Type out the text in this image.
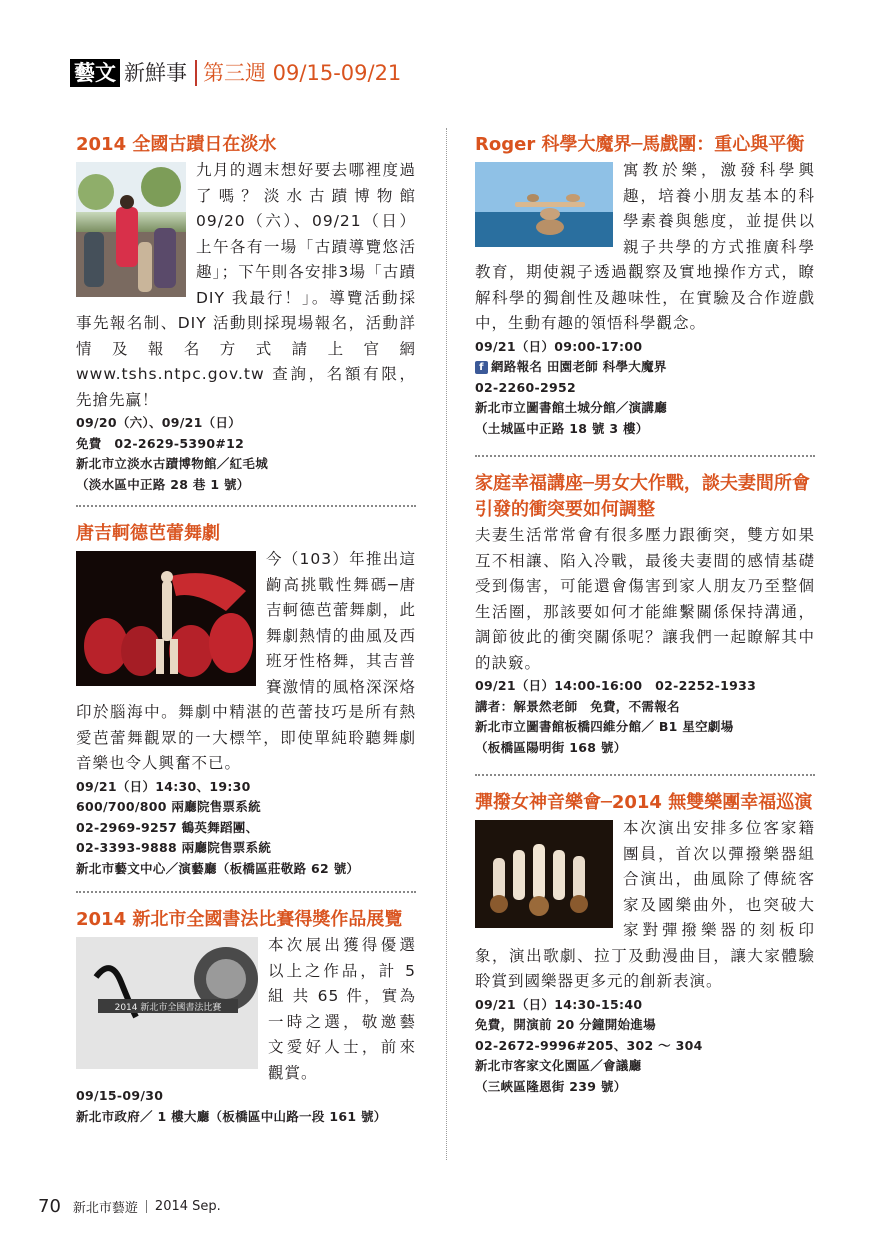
藝文 新鮮事 第三週 09/15-09/21
2014 全國古蹟日在淡水
九月的週末想好要去哪裡度過了嗎？淡水古蹟博物館 09/20（六）、09/21（日）上午各有一場「古蹟導覽悠活趣」；下午則各安排3場「古蹟 DIY 我最行！」。導覽活動採事先報名制、DIY 活動則採現場報名，活動詳情及報名方式請上官網 www.tshs.ntpc.gov.tw 查詢，名額有限，先搶先贏！
09/20（六）、09/21（日）
免費　02-2629-5390#12
新北市立淡水古蹟博物館／紅毛城
（淡水區中正路 28 巷 1 號）
唐吉軻德芭蕾舞劇
今（103）年推出這齣高挑戰性舞碼─唐吉軻德芭蕾舞劇，此舞劇熱情的曲風及西班牙性格舞，其吉普賽激情的風格深深烙印於腦海中。舞劇中精湛的芭蕾技巧是所有熱愛芭蕾舞觀眾的一大標竿，即使單純聆聽舞劇音樂也令人興奮不已。
09/21（日）14:30、19:30
600/700/800 兩廳院售票系統
02-2969-9257 鶴英舞蹈團、
02-3393-9888 兩廳院售票系統
新北市藝文中心／演藝廳（板橋區莊敬路 62 號）
2014 新北市全國書法比賽得獎作品展覽
2014 新北市全國書法比賽
本次展出獲得優選以上之作品，計 5 組 共 65 件，實為一時之選，敬邀藝文愛好人士，前來觀賞。
09/15-09/30
新北市政府／ 1 樓大廳（板橋區中山路一段 161 號）
Roger 科學大魔界─馬戲團：重心與平衡
寓教於樂，激發科學興趣，培養小朋友基本的科學素養與態度，並提供以親子共學的方式推廣科學教育，期使親子透過觀察及實地操作方式，瞭解科學的獨創性及趣味性，在實驗及合作遊戲中，生動有趣的領悟科學觀念。
09/21（日）09:00-17:00
f 網路報名 田園老師 科學大魔界
02-2260-2952
新北市立圖書館土城分館／演講廳
（土城區中正路 18 號 3 樓）
家庭幸福講座─男女大作戰，談夫妻間所會引發的衝突要如何調整
夫妻生活常常會有很多壓力跟衝突，雙方如果互不相讓、陷入冷戰，最後夫妻間的感情基礎受到傷害，可能還會傷害到家人朋友乃至整個生活圈，那該要如何才能維繫關係保持溝通，調節彼此的衝突關係呢？讓我們一起瞭解其中的訣竅。
09/21（日）14:00-16:00　02-2252-1933
講者：解景然老師　免費，不需報名
新北市立圖書館板橋四維分館／ B1 星空劇場
（板橋區陽明街 168 號）
彈撥女神音樂會─2014 無雙樂團幸福巡演
本次演出安排多位客家籍團員，首次以彈撥樂器組合演出，曲風除了傳統客家及國樂曲外，也突破大家對彈撥樂器的刻板印象，演出歌劇、拉丁及動漫曲目，讓大家體驗聆賞到國樂器更多元的創新表演。
09/21（日）14:30-15:40
免費，開演前 20 分鐘開始進場
02-2672-9996#205、302 ～ 304
新北市客家文化園區／會議廳
（三峽區隆恩街 239 號）
70 新北市藝遊 2014 Sep.
